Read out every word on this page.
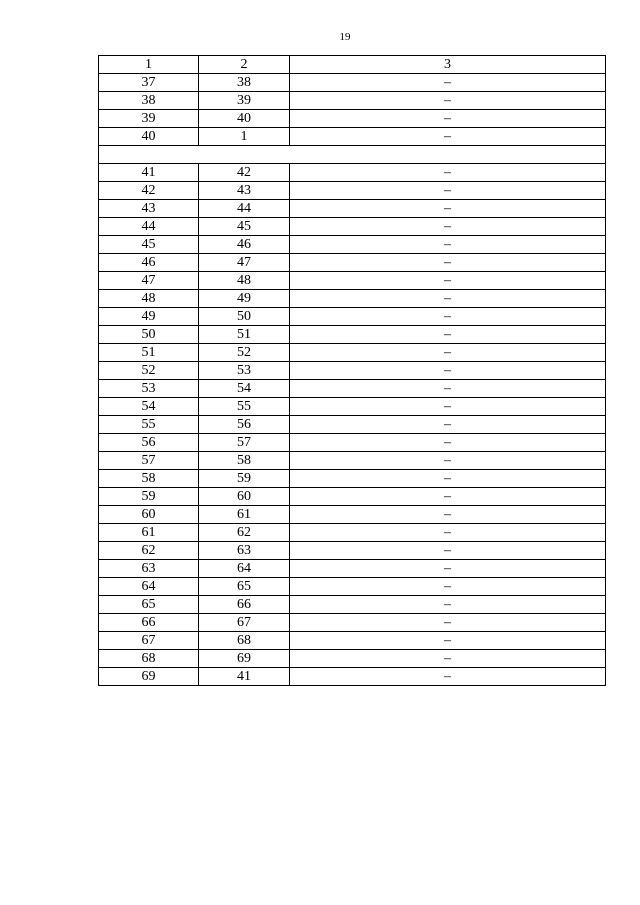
19
1	2	3
37	38	–
38	39	–
39	40	–
40	1	–

41	42	–
42	43	–
43	44	–
44	45	–
45	46	–
46	47	–
47	48	–
48	49	–
49	50	–
50	51	–
51	52	–
52	53	–
53	54	–
54	55	–
55	56	–
56	57	–
57	58	–
58	59	–
59	60	–
60	61	–
61	62	–
62	63	–
63	64	–
64	65	–
65	66	–
66	67	–
67	68	–
68	69	–
69	41	–
